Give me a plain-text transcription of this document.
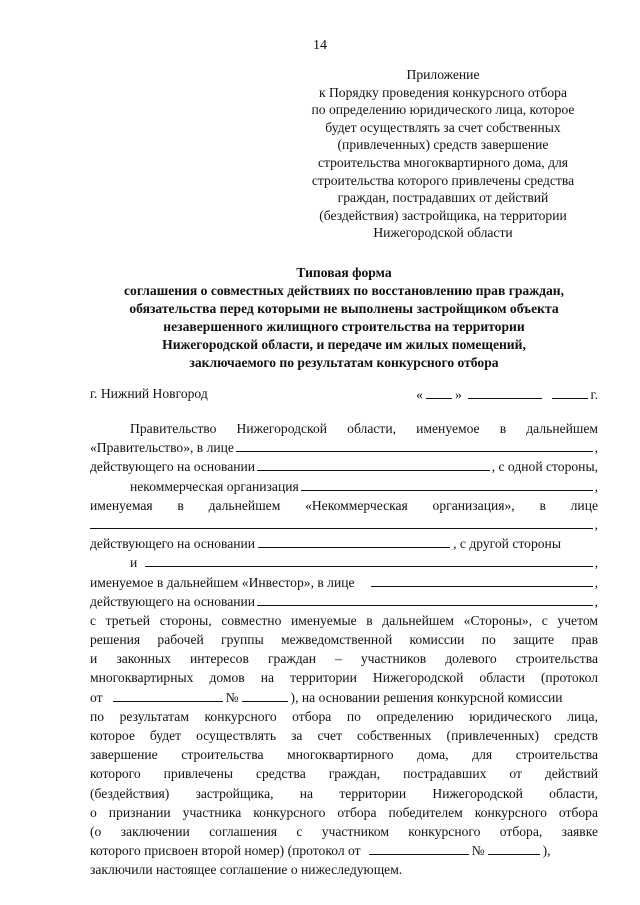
14
Приложение
к Порядку проведения конкурсного отбора
по определению юридического лица, которое
будет осуществлять за счет собственных
(привлеченных) средств завершение
строительства многоквартирного дома, для
строительства которого привлечены средства
граждан, пострадавших от действий
(бездействия) застройщика, на территории
Нижегородской области
Типовая форма
соглашения о совместных действиях по восстановлению прав граждан,
обязательства перед которыми не выполнены застройщиком объекта
незавершенного жилищного строительства на территории
Нижегородской области, и передаче им жилых помещений,
заключаемого по результатам конкурсного отбора
г. Нижний Новгород	« »	г.
Правительство Нижегородской области, именуемое в дальнейшем
«Правительство», в лице	,
действующего на основании	, с одной стороны,
некоммерческая организация	,
именуемая в дальнейшем «Некоммерческая организация», в лице
,
действующего на основании	, с другой стороны
и	,
именуемое в дальнейшем «Инвестор», в лице	,
действующего на основании	,
с третьей стороны, совместно именуемые в дальнейшем «Стороны», с учетом
решения рабочей группы межведомственной комиссии по защите прав
и законных интересов граждан – участников долевого строительства
многоквартирных домов на территории Нижегородской области (протокол
от	№	), на основании решения конкурсной комиссии
по результатам конкурсного отбора по определению юридического лица,
которое будет осуществлять за счет собственных (привлеченных) средств
завершение строительства многоквартирного дома, для строительства
которого привлечены средства граждан, пострадавших от действий
(бездействия) застройщика, на территории Нижегородской области,
о признании участника конкурсного отбора победителем конкурсного отбора
(о заключении соглашения с участником конкурсного отбора, заявке
которого присвоен второй номер) (протокол от	№	),
заключили настоящее соглашение о нижеследующем.
